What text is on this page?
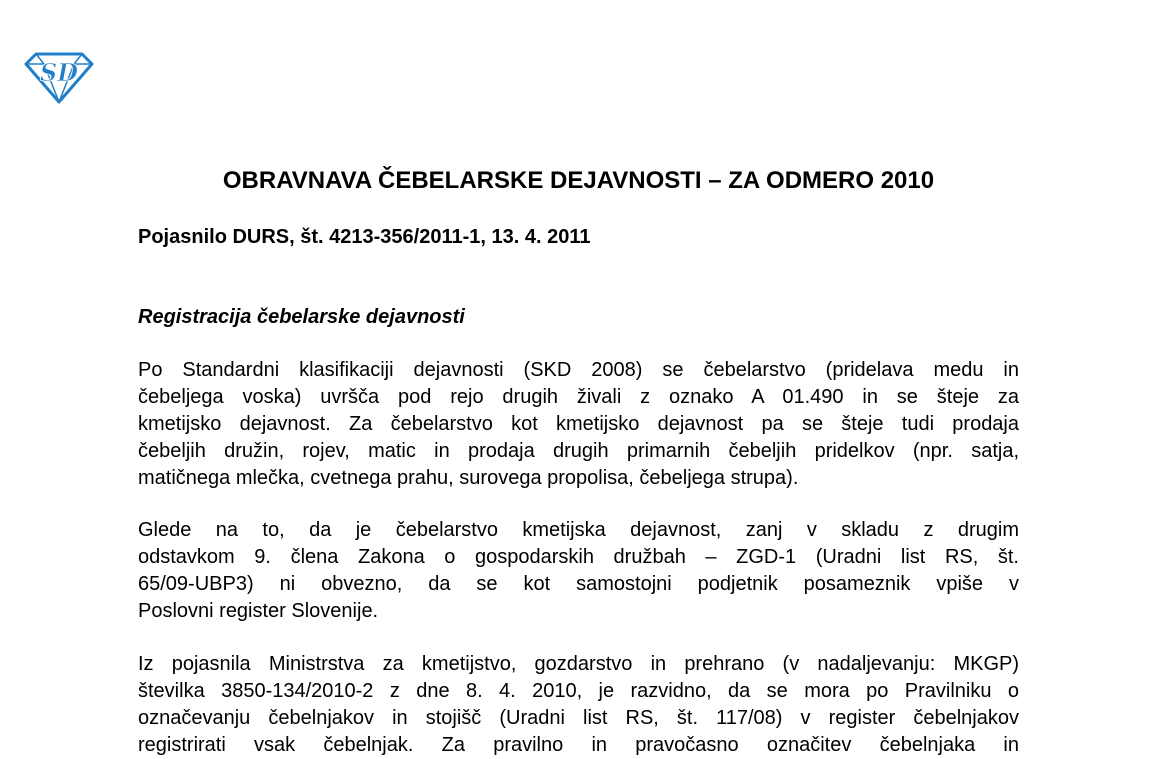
SD
OBRAVNAVA ČEBELARSKE DEJAVNOSTI – ZA ODMERO 2010
Pojasnilo DURS, št. 4213-356/2011-1, 13. 4. 2011
Registracija čebelarske dejavnosti
Po Standardni klasifikaciji dejavnosti (SKD 2008) se čebelarstvo (pridelava medu in
čebeljega voska) uvršča pod rejo drugih živali z oznako A 01.490 in se šteje za
kmetijsko dejavnost. Za čebelarstvo kot kmetijsko dejavnost pa se šteje tudi prodaja
čebeljih družin, rojev, matic in prodaja drugih primarnih čebeljih pridelkov (npr. satja,
matičnega mlečka, cvetnega prahu, surovega propolisa, čebeljega strupa).
Glede na to, da je čebelarstvo kmetijska dejavnost, zanj v skladu z drugim
odstavkom 9. člena Zakona o gospodarskih družbah – ZGD-1 (Uradni list RS, št.
65/09-UBP3) ni obvezno, da se kot samostojni podjetnik posameznik vpiše v
Poslovni register Slovenije.
Iz pojasnila Ministrstva za kmetijstvo, gozdarstvo in prehrano (v nadaljevanju: MKGP)
številka 3850-134/2010-2 z dne 8. 4. 2010, je razvidno, da se mora po Pravilniku o
označevanju čebelnjakov in stojišč (Uradni list RS, št. 117/08) v register čebelnjakov
registrirati vsak čebelnjak. Za pravilno in pravočasno označitev čebelnjaka in
